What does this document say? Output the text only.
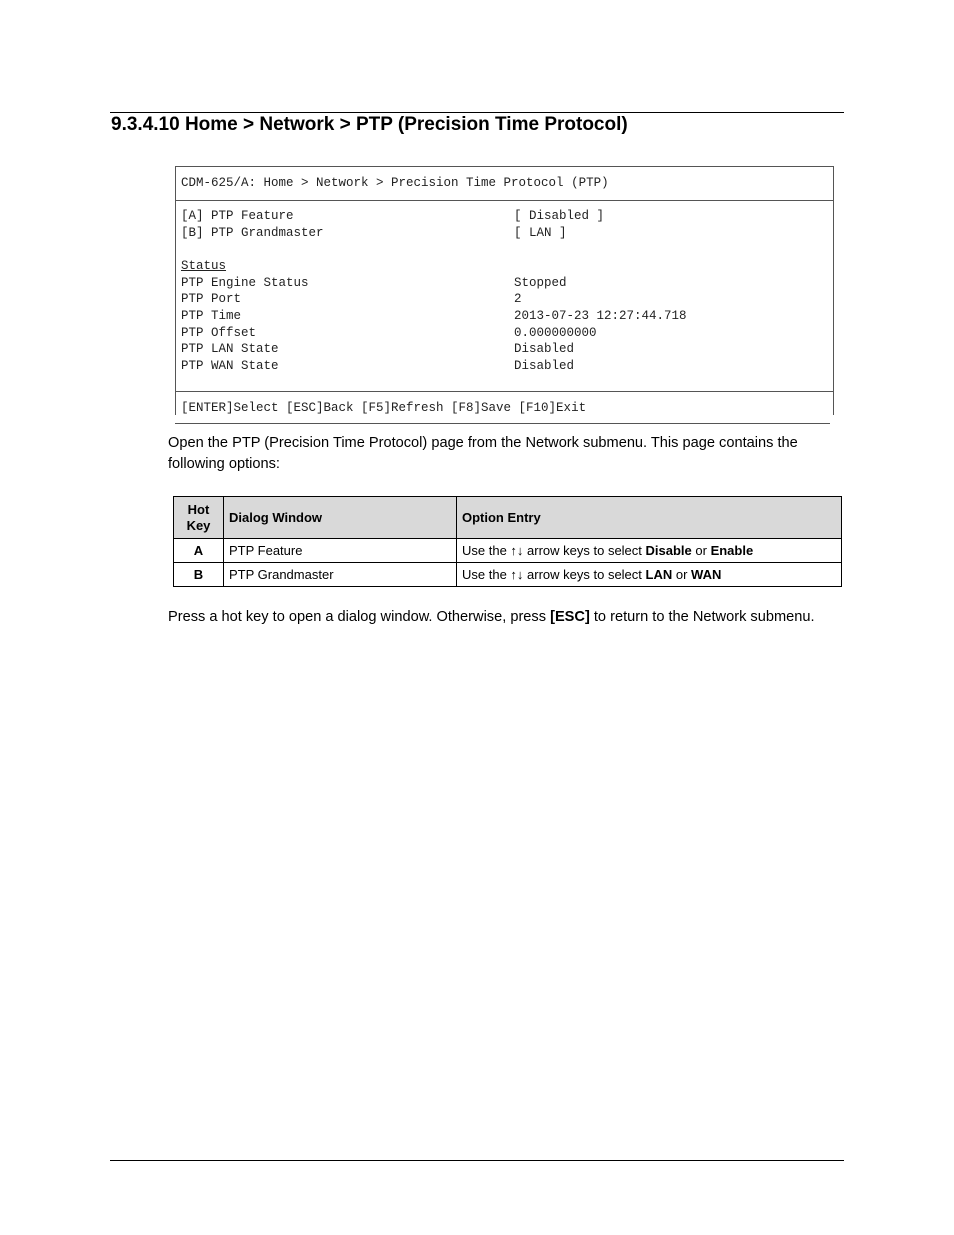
9.3.4.10 Home > Network > PTP (Precision Time Protocol)
CDM-625/A: Home > Network > Precision Time Protocol (PTP)
[A] PTP Feature	[ Disabled ]
[B] PTP Grandmaster	[ LAN ]
Status
PTP Engine Status	Stopped
PTP Port	2
PTP Time	2013-07-23 12:27:44.718
PTP Offset	0.000000000
PTP LAN State	Disabled
PTP WAN State	Disabled
[ENTER]Select [ESC]Back [F5]Refresh [F8]Save [F10]Exit
Open the PTP (Precision Time Protocol) page from the Network submenu. This page contains the following options:
Hot Key	Dialog Window	Option Entry
A	PTP Feature	Use the ↑↓ arrow keys to select Disable or Enable
B	PTP Grandmaster	Use the ↑↓ arrow keys to select LAN or WAN
Press a hot key to open a dialog window. Otherwise, press [ESC] to return to the Network submenu.
